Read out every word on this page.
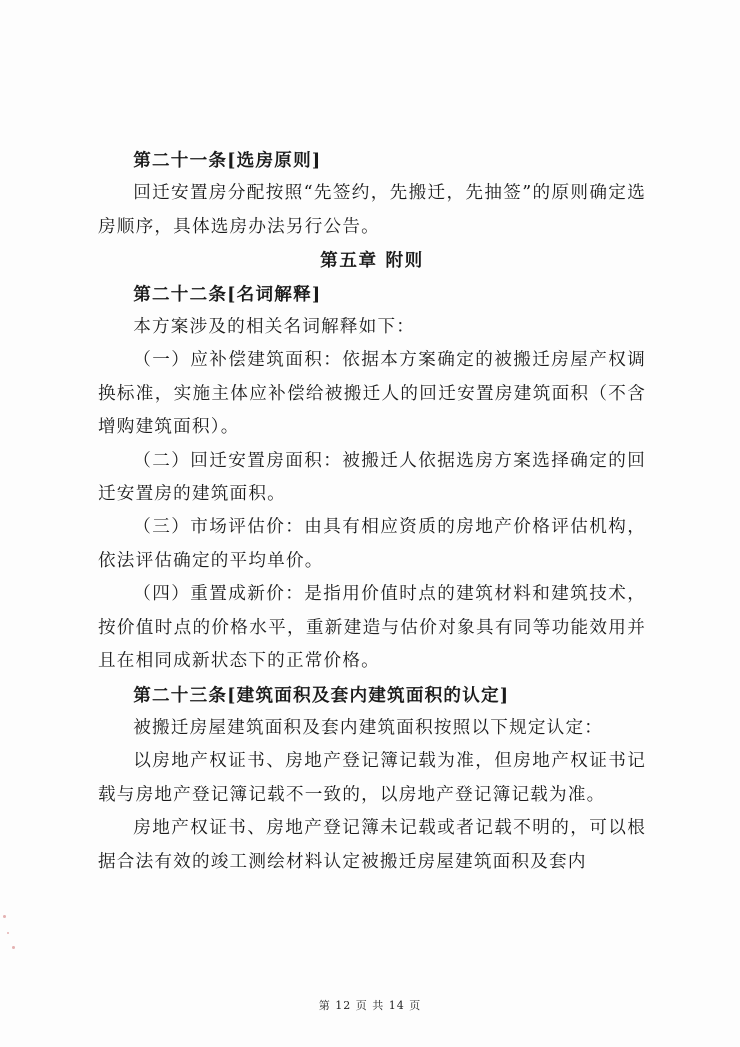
第二十一条[选房原则]

回迁安置房分配按照“先签约，先搬迁，先抽签”的原则确定选房顺序，具体选房办法另行公告。

第五章 附则

第二十二条[名词解释]

本方案涉及的相关名词解释如下：

（一）应补偿建筑面积：依据本方案确定的被搬迁房屋产权调换标准，实施主体应补偿给被搬迁人的回迁安置房建筑面积（不含增购建筑面积）。

（二）回迁安置房面积：被搬迁人依据选房方案选择确定的回迁安置房的建筑面积。

（三）市场评估价：由具有相应资质的房地产价格评估机构，依法评估确定的平均单价。

（四）重置成新价：是指用价值时点的建筑材料和建筑技术，按价值时点的价格水平，重新建造与估价对象具有同等功能效用并且在相同成新状态下的正常价格。

第二十三条[建筑面积及套内建筑面积的认定]

被搬迁房屋建筑面积及套内建筑面积按照以下规定认定：

以房地产权证书、房地产登记簿记载为准，但房地产权证书记载与房地产登记簿记载不一致的，以房地产登记簿记载为准。

房地产权证书、房地产登记簿未记载或者记载不明的，可以根据合法有效的竣工测绘材料认定被搬迁房屋建筑面积及套内

第 12 页 共 14 页
